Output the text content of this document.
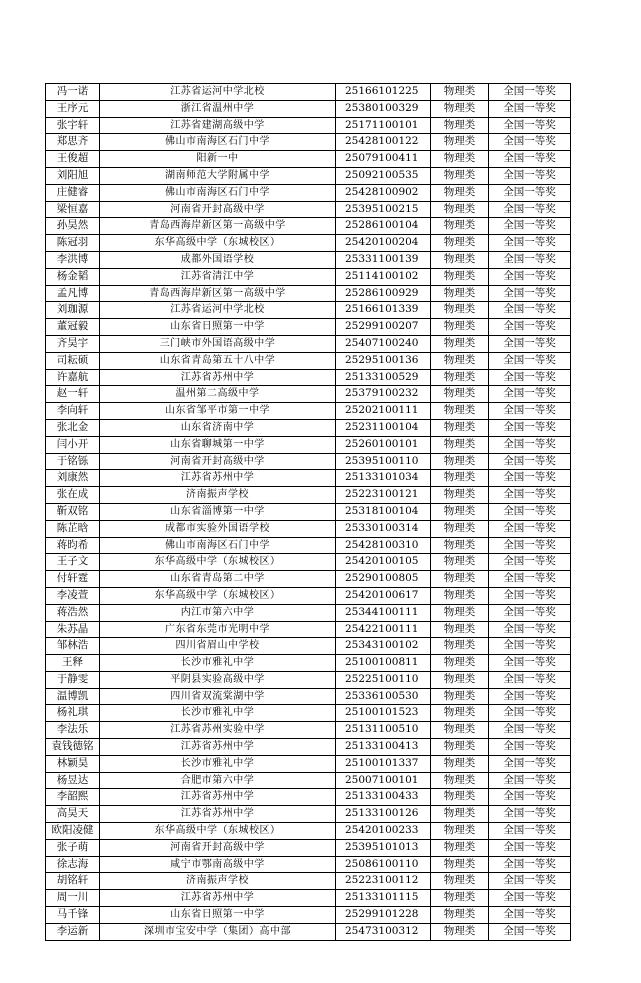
冯一诺	江苏省运河中学北校	25166101225	物理类	全国一等奖
王序元	浙江省温州中学	25380100329	物理类	全国一等奖
张宇轩	江苏省建湖高级中学	25171100101	物理类	全国一等奖
郑思齐	佛山市南海区石门中学	25428100122	物理类	全国一等奖
王俊超	阳新一中	25079100411	物理类	全国一等奖
刘阳旭	湖南师范大学附属中学	25092100535	物理类	全国一等奖
庄健睿	佛山市南海区石门中学	25428100902	物理类	全国一等奖
梁恒嘉	河南省开封高级中学	25395100215	物理类	全国一等奖
孙昊然	青岛西海岸新区第一高级中学	25286100104	物理类	全国一等奖
陈冠羽	东华高级中学（东城校区）	25420100204	物理类	全国一等奖
李洪博	成都外国语学校	25331100139	物理类	全国一等奖
杨金韬	江苏省清江中学	25114100102	物理类	全国一等奖
孟凡博	青岛西海岸新区第一高级中学	25286100929	物理类	全国一等奖
刘珈源	江苏省运河中学北校	25166101339	物理类	全国一等奖
董冠毅	山东省日照第一中学	25299100207	物理类	全国一等奖
齐昊宇	三门峡市外国语高级中学	25407100240	物理类	全国一等奖
司耘硕	山东省青岛第五十八中学	25295100136	物理类	全国一等奖
许嘉航	江苏省苏州中学	25133100529	物理类	全国一等奖
赵一轩	温州第二高级中学	25379100232	物理类	全国一等奖
李向轩	山东省邹平市第一中学	25202100111	物理类	全国一等奖
张北金	山东省济南中学	25231100104	物理类	全国一等奖
闫小开	山东省聊城第一中学	25260100101	物理类	全国一等奖
于铭铄	河南省开封高级中学	25395100110	物理类	全国一等奖
刘康然	江苏省苏州中学	25133101034	物理类	全国一等奖
张在成	济南振声学校	25223100121	物理类	全国一等奖
靳双铭	山东省淄博第一中学	25318100104	物理类	全国一等奖
陈芷晗	成都市实验外国语学校	25330100314	物理类	全国一等奖
蒋昀希	佛山市南海区石门中学	25428100310	物理类	全国一等奖
王子文	东华高级中学（东城校区）	25420100105	物理类	全国一等奖
付轩霆	山东省青岛第二中学	25290100805	物理类	全国一等奖
李凌萱	东华高级中学（东城校区）	25420100617	物理类	全国一等奖
蒋浩然	内江市第六中学	25344100111	物理类	全国一等奖
朱苏晶	广东省东莞市光明中学	25422100111	物理类	全国一等奖
邹林浩	四川省眉山中学校	25343100102	物理类	全国一等奖
王释	长沙市雅礼中学	25100100811	物理类	全国一等奖
于静雯	平阴县实验高级中学	25225100110	物理类	全国一等奖
温博凯	四川省双流棠湖中学	25336100530	物理类	全国一等奖
杨礼琪	长沙市雅礼中学	25100101523	物理类	全国一等奖
李法乐	江苏省苏州实验中学	25131100510	物理类	全国一等奖
袁钱德铭	江苏省苏州中学	25133100413	物理类	全国一等奖
林颖昊	长沙市雅礼中学	25100101337	物理类	全国一等奖
杨昱达	合肥市第六中学	25007100101	物理类	全国一等奖
李韶熙	江苏省苏州中学	25133100433	物理类	全国一等奖
高昊天	江苏省苏州中学	25133100126	物理类	全国一等奖
欧阳凌健	东华高级中学（东城校区）	25420100233	物理类	全国一等奖
张子萌	河南省开封高级中学	25395101013	物理类	全国一等奖
徐志海	咸宁市鄂南高级中学	25086100110	物理类	全国一等奖
胡铭轩	济南振声学校	25223100112	物理类	全国一等奖
周一川	江苏省苏州中学	25133101115	物理类	全国一等奖
马千锋	山东省日照第一中学	25299101228	物理类	全国一等奖
李运新	深圳市宝安中学（集团）高中部	25473100312	物理类	全国一等奖
